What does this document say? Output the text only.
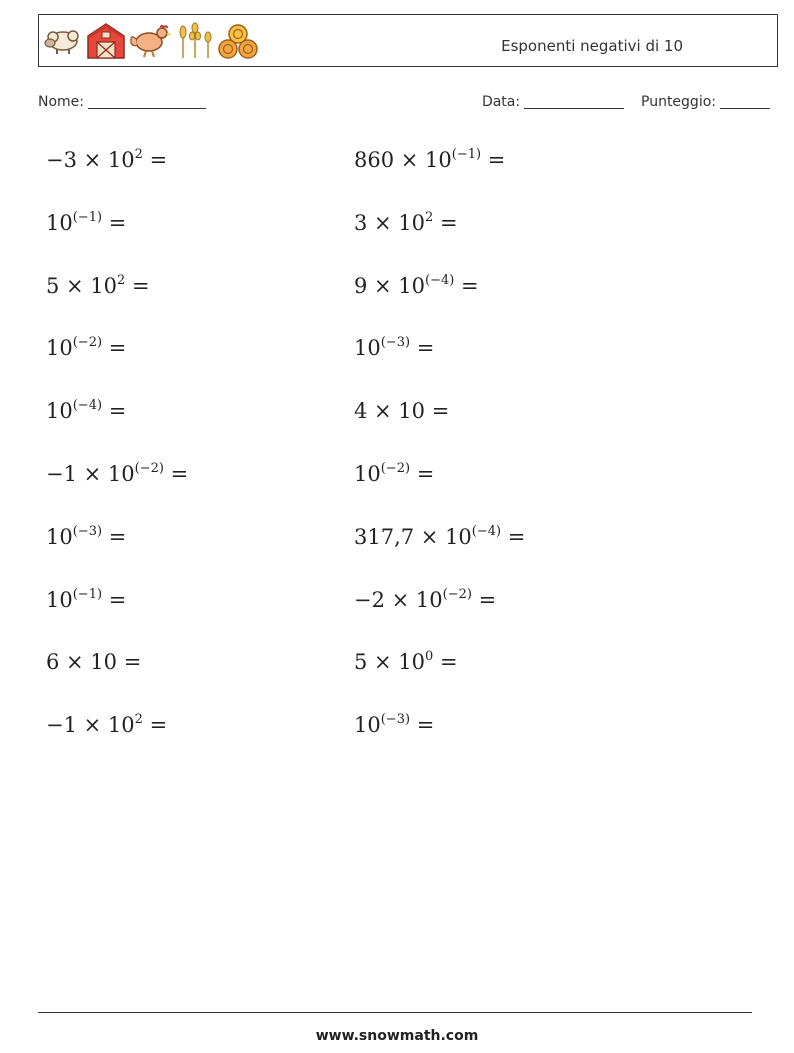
Esponenti negativi di 10
Nome:	Data:	Punteggio:
$-3 \times 10^2$ =	$860 \times 10^{(-1)}$ =
$10^{(-1)}$ =	$3 \times 10^2$ =
$5 \times 10^2$ =	$9 \times 10^{(-4)}$ =
$10^{(-2)}$ =	$10^{(-3)}$ =
$10^{(-4)}$ =	4 × 10 =
$-1 \times 10^{(-2)}$ =	$10^{(-2)}$ =
$10^{(-3)}$ =	$317,7 \times 10^{(-4)}$ =
$10^{(-1)}$ =	$-2 \times 10^{(-2)}$ =
6 × 10 =	$5 \times 10^0$ =
$-1 \times 10^2$ =	$10^{(-3)}$ =
www.snowmath.com
